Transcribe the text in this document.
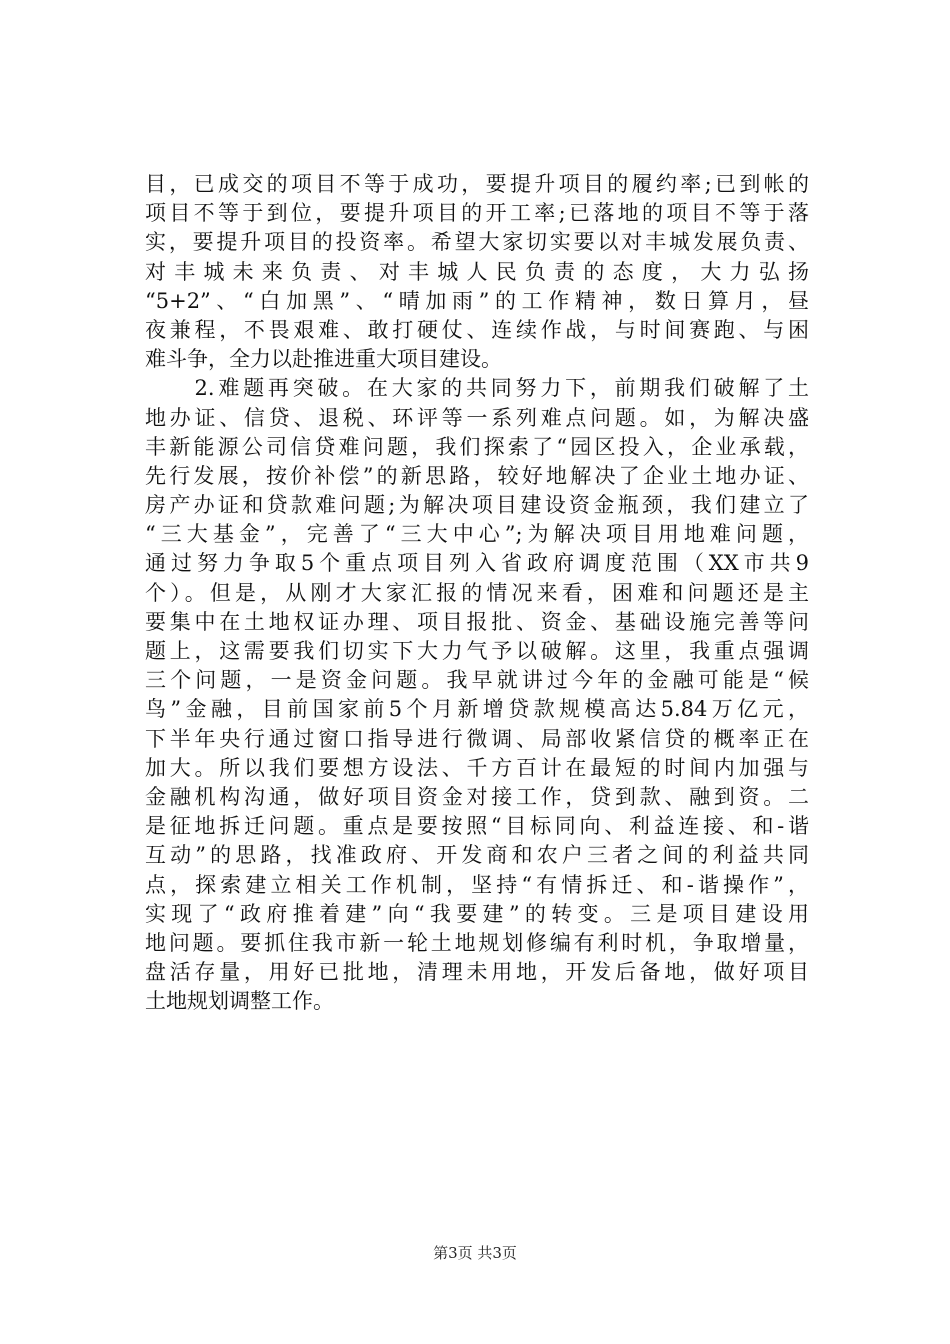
目，已成交的项目不等于成功，要提升项目的履约率;已到帐的
项目不等于到位，要提升项目的开工率;已落地的项目不等于落
实，要提升项目的投资率。希望大家切实要以对丰城发展负责、
对丰城未来负责、对丰城人民负责的态度，大力弘扬
“5+2”、“白加黑”、“晴加雨”的工作精神，数日算月，昼
夜兼程，不畏艰难、敢打硬仗、连续作战，与时间赛跑、与困
难斗争，全力以赴推进重大项目建设。
　　2.难题再突破。在大家的共同努力下，前期我们破解了土
地办证、信贷、退税、环评等一系列难点问题。如，为解决盛
丰新能源公司信贷难问题，我们探索了“园区投入，企业承载，
先行发展，按价补偿”的新思路，较好地解决了企业土地办证、
房产办证和贷款难问题;为解决项目建设资金瓶颈，我们建立了
“三大基金”，完善了“三大中心”;为解决项目用地难问题，
通过努力争取5个重点项目列入省政府调度范围（XX市共9
个）。但是，从刚才大家汇报的情况来看，困难和问题还是主
要集中在土地权证办理、项目报批、资金、基础设施完善等问
题上，这需要我们切实下大力气予以破解。这里，我重点强调
三个问题，一是资金问题。我早就讲过今年的金融可能是“候
鸟”金融，目前国家前5个月新增贷款规模高达5.84万亿元，
下半年央行通过窗口指导进行微调、局部收紧信贷的概率正在
加大。所以我们要想方设法、千方百计在最短的时间内加强与
金融机构沟通，做好项目资金对接工作，贷到款、融到资。二
是征地拆迁问题。重点是要按照“目标同向、利益连接、和-谐
互动”的思路，找准政府、开发商和农户三者之间的利益共同
点，探索建立相关工作机制，坚持“有情拆迁、和-谐操作”，
实现了“政府推着建”向“我要建”的转变。三是项目建设用
地问题。要抓住我市新一轮土地规划修编有利时机，争取增量，
盘活存量，用好已批地，清理未用地，开发后备地，做好项目
土地规划调整工作。
第3页 共3页
